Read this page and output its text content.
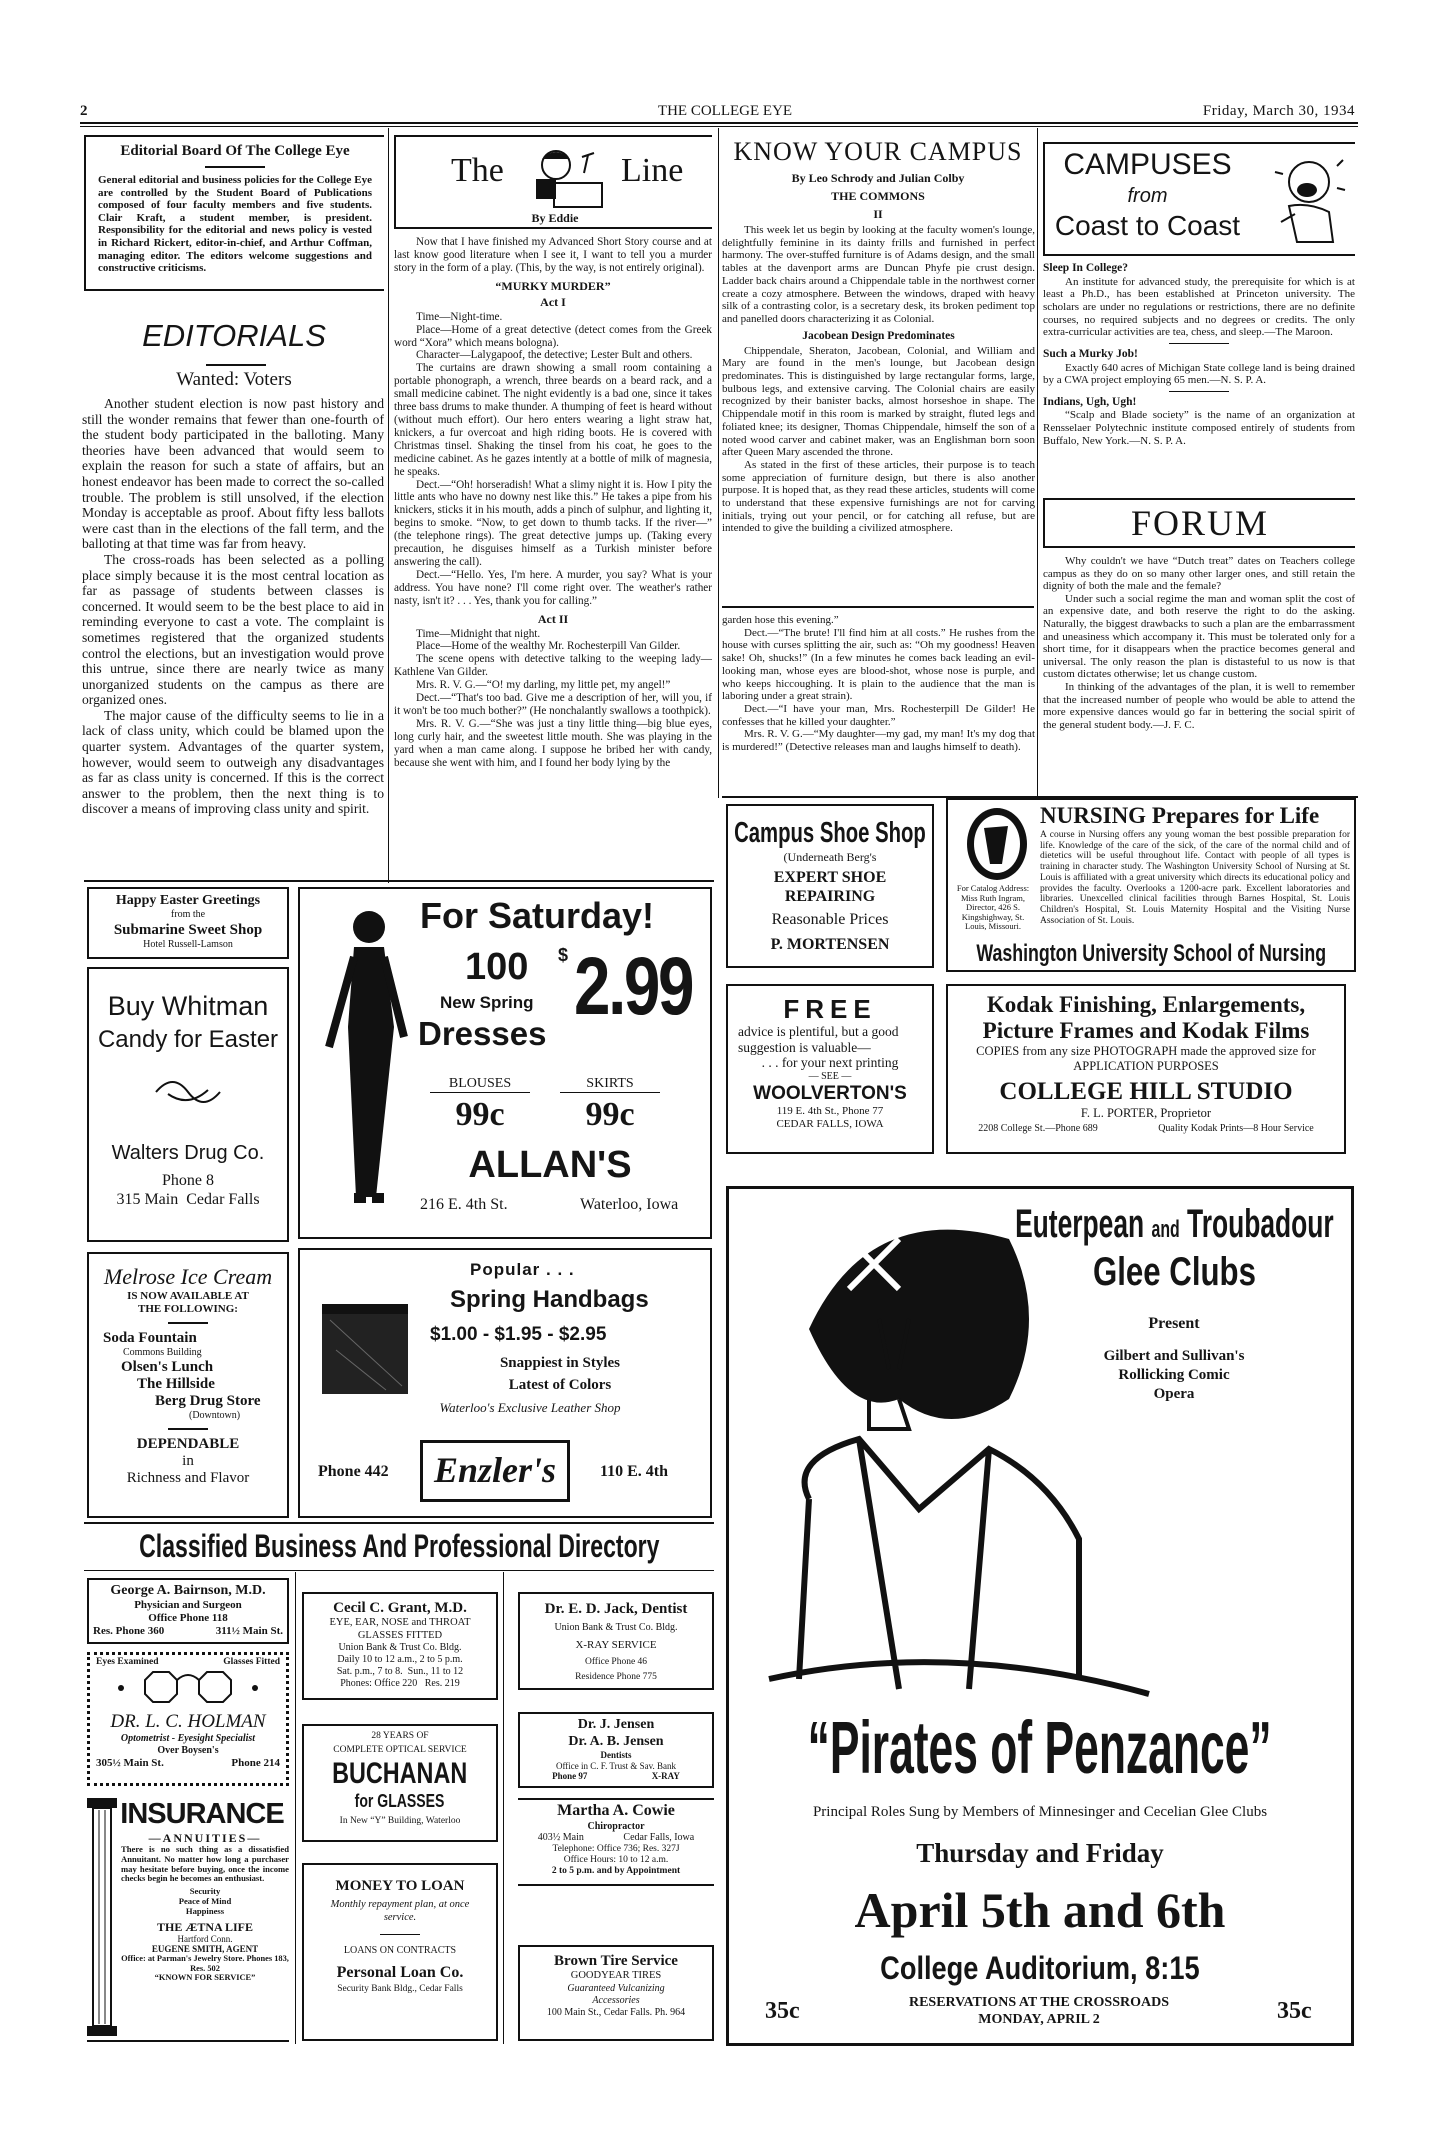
2	THE COLLEGE EYE	Friday, March 30, 1934
Editorial Board Of The College Eye
General editorial and business policies for the College Eye are controlled by the Student Board of Publications composed of four faculty members and five students. Clair Kraft, a student member, is president. Responsibility for the editorial and news policy is vested in Richard Rickert, editor-in-chief, and Arthur Coffman, managing editor. The editors welcome suggestions and constructive criticisms.
EDITORIALS
Wanted: Voters

Another student election is now past history and still the wonder remains that fewer than one-fourth of the student body participated in the balloting. Many theories have been advanced that would seem to explain the reason for such a state of affairs, but an honest endeavor has been made to correct the so-called trouble. The problem is still unsolved, if the election Monday is acceptable as proof. About fifty less ballots were cast than in the elections of the fall term, and the balloting at that time was far from heavy.

The cross-roads has been selected as a polling place simply because it is the most central location as far as passage of students between classes is concerned. It would seem to be the best place to aid in reminding everyone to cast a vote. The complaint is sometimes registered that the organized students control the elections, but an investigation would prove this untrue, since there are nearly twice as many unorganized students on the campus as there are organized ones.

The major cause of the difficulty seems to lie in a lack of class unity, which could be blamed upon the quarter system. Advantages of the quarter system, however, would seem to outweigh any disadvantages as far as class unity is concerned. If this is the correct answer to the problem, then the next thing is to discover a means of improving class unity and spirit.

The	Line
By Eddie

Now that I have finished my Advanced Short Story course and at last know good literature when I see it, I want to tell you a murder story in the form of a play. (This, by the way, is not entirely original).

“MURKY MURDER”
Act I

Time—Night-time.

Place—Home of a great detective (detect comes from the Greek word “Xora” which means bologna).

Character—Lalygapoof, the detective; Lester Bult and others.

The curtains are drawn showing a small room containing a portable phonograph, a wrench, three beards on a beard rack, and a small medicine cabinet. The night evidently is a bad one, since it takes three bass drums to make thunder. A thumping of feet is heard without (without much effort). Our hero enters wearing a light straw hat, knickers, a fur overcoat and high riding boots. He is covered with Christmas tinsel. Shaking the tinsel from his coat, he goes to the medicine cabinet. As he gazes intently at a bottle of milk of magnesia, he speaks.

Dect.—“Oh! horseradish! What a slimy night it is. How I pity the little ants who have no downy nest like this.” He takes a pipe from his knickers, sticks it in his mouth, adds a pinch of sulphur, and lighting it, begins to smoke. “Now, to get down to thumb tacks. If the river—” (the telephone rings). The great detective jumps up. (Taking every precaution, he disguises himself as a Turkish minister before answering the call).

Dect.—“Hello. Yes, I'm here. A murder, you say? What is your address. You have none? I'll come right over. The weather's rather nasty, isn't it? . . . Yes, thank you for calling.”

Act II

Time—Midnight that night.

Place—Home of the wealthy Mr. Rochesterpill Van Gilder.

The scene opens with detective talking to the weeping lady—Kathlene Van Gilder.

Mrs. R. V. G.—“O! my darling, my little pet, my angel!”

Dect.—“That's too bad. Give me a description of her, will you, if it won't be too much bother?” (He nonchalantly swallows a toothpick).

Mrs. R. V. G.—“She was just a tiny little thing—big blue eyes, long curly hair, and the sweetest little mouth. She was playing in the yard when a man came along. I suppose he bribed her with candy, because she went with him, and I found her body lying by the

KNOW YOUR CAMPUS
By Leo Schrody and Julian Colby
THE COMMONS
II

This week let us begin by looking at the faculty women's lounge, delightfully feminine in its dainty frills and furnished in perfect harmony. The over-stuffed furniture is of Adams design, and the small tables at the davenport arms are Duncan Phyfe pie crust design. Ladder back chairs around a Chippendale table in the northwest corner create a cozy atmosphere. Between the windows, draped with heavy silk of a contrasting color, is a secretary desk, its broken pediment top and panelled doors characterizing it as Colonial.

Jacobean Design Predominates

Chippendale, Sheraton, Jacobean, Colonial, and William and Mary are found in the men's lounge, but Jacobean design predominates. This is distinguished by large rectangular forms, large, bulbous legs, and extensive carving. The Colonial chairs are easily recognized by their banister backs, almost horseshoe in shape. The Chippendale motif in this room is marked by straight, fluted legs and foliated knee; its designer, Thomas Chippendale, himself the son of a noted wood carver and cabinet maker, was an Englishman born soon after Queen Mary ascended the throne.

As stated in the first of these articles, their purpose is to teach some appreciation of furniture design, but there is also another purpose. It is hoped that, as they read these articles, students will come to understand that these expensive furnishings are not for carving initials, trying out your pencil, or for catching all refuse, but are intended to give the building a civilized atmosphere.

garden hose this evening.”

Dect.—“The brute! I'll find him at all costs.” He rushes from the house with curses splitting the air, such as: “Oh my goodness! Heaven sake! Oh, shucks!” (In a few minutes he comes back leading an evil-looking man, whose eyes are blood-shot, whose nose is purple, and who keeps hiccoughing. It is plain to the audience that the man is laboring under a great strain).

Dect.—“I have your man, Mrs. Rochesterpill De Gilder! He confesses that he killed your daughter.”

Mrs. R. V. G.—“My daughter—my gad, my man! It's my dog that is murdered!” (Detective releases man and laughs himself to death).

CAMPUSES
from
Coast to Coast
Sleep In College?

An institute for advanced study, the prerequisite for which is at least a Ph.D., has been established at Princeton university. The scholars are under no regulations or restrictions, there are no definite courses, no required subjects and no degrees or credits. The only extra-curricular activities are tea, chess, and sleep.—The Maroon.

Such a Murky Job!

Exactly 640 acres of Michigan State college land is being drained by a CWA project employing 65 men.—N. S. P. A.

Indians, Ugh, Ugh!

“Scalp and Blade society” is the name of an organization at Rensselaer Polytechnic institute composed entirely of students from Buffalo, New York.—N. S. P. A.

FORUM

Why couldn't we have “Dutch treat” dates on Teachers college campus as they do on so many other larger ones, and still retain the dignity of both the male and the female?

Under such a social regime the man and woman split the cost of an expensive date, and both reserve the right to do the asking. Naturally, the biggest drawbacks to such a plan are the embarrassment and uneasiness which accompany it. This must be tolerated only for a short time, for it disappears when the practice becomes general and universal. The only reason the plan is distasteful to us now is that custom dictates otherwise; let us change custom.

In thinking of the advantages of the plan, it is well to remember that the increased number of people who would be able to attend the more expensive dances would go far in bettering the social spirit of the general student body.—J. F. C.

Happy Easter Greetings
from the
Submarine Sweet Shop
Hotel Russell-Lamson
Buy Whitman
Candy for Easter
Walters Drug Co.
Phone 8
315 Main  Cedar Falls
Melrose Ice Cream
IS NOW AVAILABLE AT THE FOLLOWING:
Soda Fountain
Commons Building
Olsen's Lunch
The Hillside
Berg Drug Store
(Downtown)
DEPENDABLE
in
Richness and Flavor
For Saturday!
100
New Spring
Dresses
$ 2.99
BLOUSES	SKIRTS
99c	99c
ALLAN'S
216 E. 4th St.	Waterloo, Iowa
Popular . . .
Spring Handbags
$1.00 - $1.95 - $2.95
Snappiest in Styles
Latest of Colors
Waterloo's Exclusive Leather Shop
Phone 442	Enzler's	110 E. 4th
Campus Shoe Shop
(Underneath Berg's
EXPERT SHOE
REPAIRING
Reasonable Prices
P. MORTENSEN
NURSING Prepares for Life
A course in Nursing offers any young woman the best possible preparation for life. Knowledge of the care of the sick, of the care of the normal child and of dietetics will be useful throughout life. Contact with people of all types is training in character study. The Washington University School of Nursing at St. Louis is affiliated with a great university which directs its educational policy and provides the faculty. Overlooks a 1200-acre park. Excellent laboratories and libraries. Unexcelled clinical facilities through Barnes Hospital, St. Louis Children's Hospital, St. Louis Maternity Hospital and the Visiting Nurse Association of St. Louis.
For Catalog Address: Miss Ruth Ingram, Director, 426 S. Kingshighway, St. Louis, Missouri.
Washington University School of Nursing
FREE
advice is plentiful, but a good suggestion is valuable—
. . . for your next printing
— SEE —
WOOLVERTON'S
119 E. 4th St., Phone 77
CEDAR FALLS, IOWA
Kodak Finishing, Enlargements,
Picture Frames and Kodak Films
COPIES from any size PHOTOGRAPH made the approved size for APPLICATION PURPOSES
COLLEGE HILL STUDIO
F. L. PORTER, Proprietor
2208 College St.—Phone 689	Quality Kodak Prints—8 Hour Service
Euterpean and Troubadour
Glee Clubs
Present
Gilbert and Sullivan's
Rollicking Comic
Opera
“Pirates of Penzance”
Principal Roles Sung by Members of Minnesinger and Cecelian Glee Clubs
Thursday and Friday
April 5th and 6th
College Auditorium, 8:15
35c	RESERVATIONS AT THE CROSSROADS
MONDAY, APRIL 2	35c
Classified Business And Professional Directory
George A. Bairnson, M.D.
Physician and Surgeon
Office Phone 118
Res. Phone 360	311½ Main St.
Eyes Examined	Glasses Fitted
DR. L. C. HOLMAN
Optometrist - Eyesight Specialist
Over Boysen's
305½ Main St.	Phone 214
INSURANCE
—ANNUITIES—
There is no such thing as a dissatisfied Annuitant. No matter how long a purchaser may hesitate before buying, once the income checks begin he becomes an enthusiast.
Security
Peace of Mind
Happiness
THE ÆTNA LIFE
Hartford Conn.
EUGENE SMITH, AGENT
Office: at Parman's Jewelry Store. Phones 183, Res. 502
“KNOWN FOR SERVICE”
Cecil C. Grant, M.D.
EYE, EAR, NOSE and THROAT
GLASSES FITTED
Union Bank & Trust Co. Bldg.
Daily 10 to 12 a.m., 2 to 5 p.m.
Sat. p.m., 7 to 8.  Sun., 11 to 12
Phones: Office 220   Res. 219
28 YEARS OF
COMPLETE OPTICAL SERVICE
BUCHANAN
for GLASSES
In New “Y” Building, Waterloo
MONEY TO LOAN
Monthly repayment plan, at once service.
LOANS ON CONTRACTS
Personal Loan Co.
Security Bank Bldg., Cedar Falls
Dr. E. D. Jack, Dentist
Union Bank & Trust Co. Bldg.
X-RAY SERVICE
Office Phone 46
Residence Phone 775
Dr. J. Jensen
Dr. A. B. Jensen
Dentists
Office in C. F. Trust & Sav. Bank
Phone 97	X-RAY
Martha A. Cowie
Chiropractor
403½ Main	Cedar Falls, Iowa
Telephone: Office 736; Res. 327J
Office Hours: 10 to 12 a.m.
2 to 5 p.m. and by Appointment
Brown Tire Service
GOODYEAR TIRES
Guaranteed Vulcanizing
Accessories
100 Main St., Cedar Falls. Ph. 964
